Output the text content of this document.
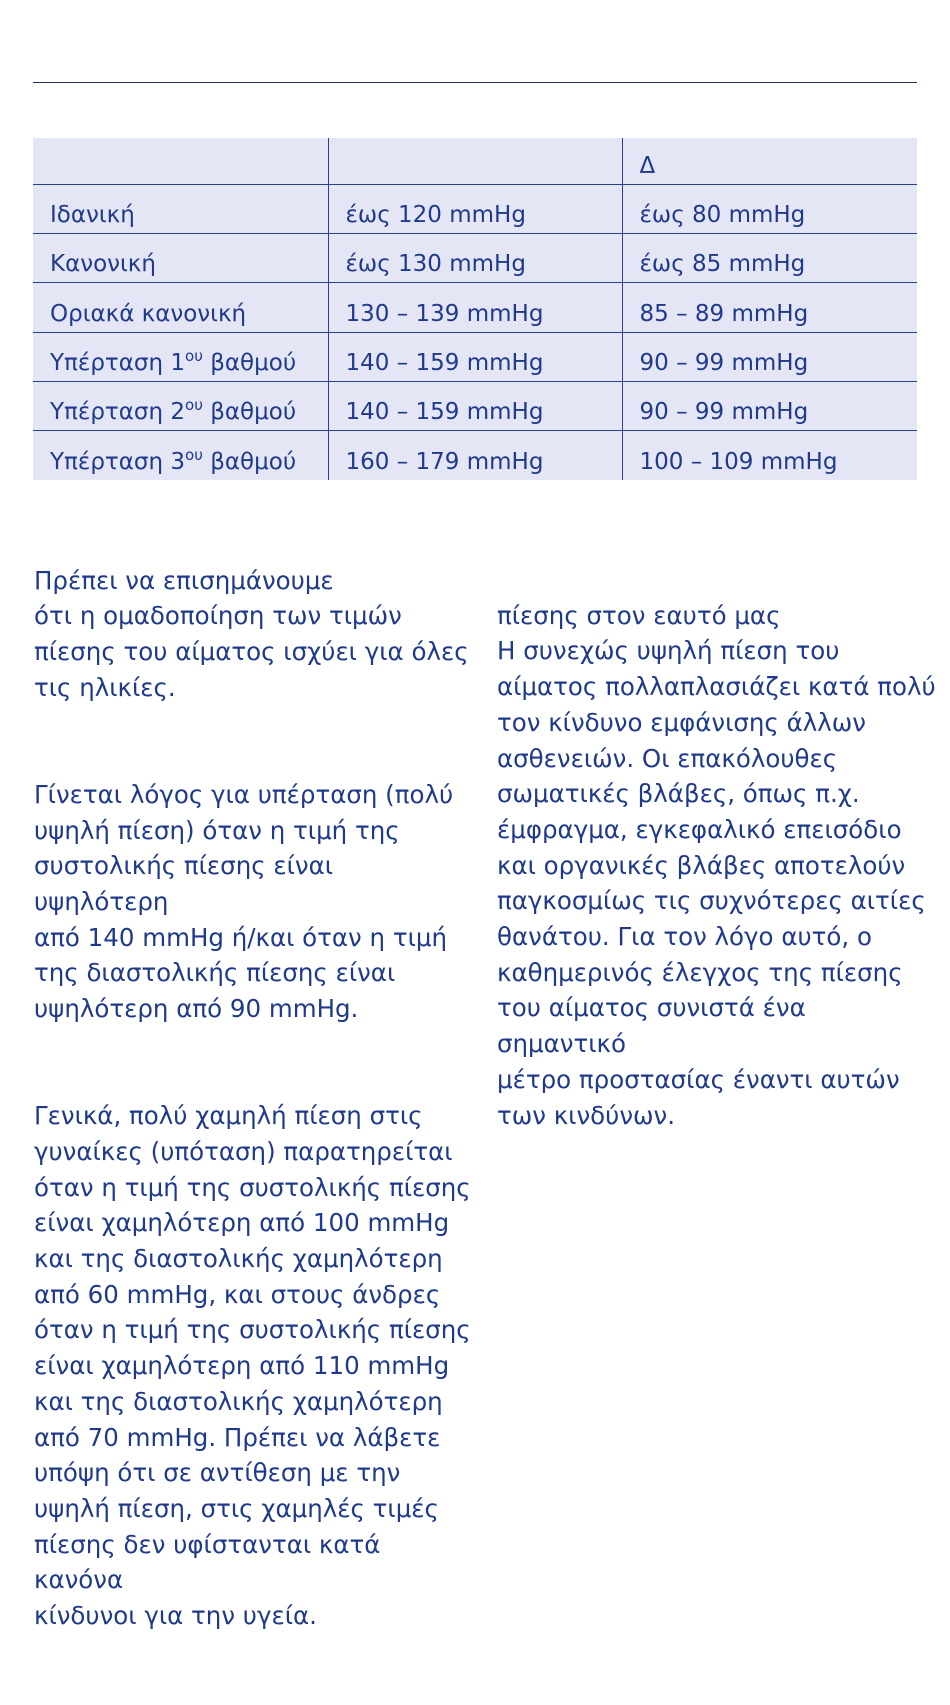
		Δ
Ιδανική	έως 120 mmHg	έως 80 mmHg
Κανονική	έως 130 mmHg	έως 85 mmHg
Οριακά κανονική	130 – 139 mmHg	85 – 89 mmHg
Υπέρταση $1^{o\upsilon}$ βαθμού	140 – 159 mmHg	90 – 99 mmHg
Υπέρταση $2^{o\upsilon}$ βαθμού	140 – 159 mmHg	90 – 99 mmHg
Υπέρταση $3^{o\upsilon}$ βαθμού	160 – 179 mmHg	100 – 109 mmHg

Πρέπει να επισημάνουμε
ότι η ομαδοποίηση των τιμών
πίεσης του αίματος ισχύει για όλες
τις ηλικίες.

Γίνεται λόγος για υπέρταση (πολύ
υψηλή πίεση) όταν η τιμή της
συστολικής πίεσης είναι υψηλότερη
από 140 mmHg ή/και όταν η τιμή
της διαστολικής πίεσης είναι
υψηλότερη από 90 mmHg.

Γενικά, πολύ χαμηλή πίεση στις
γυναίκες (υπόταση) παρατηρείται
όταν η τιμή της συστολικής πίεσης
είναι χαμηλότερη από 100 mmHg
και της διαστολικής χαμηλότερη
από 60 mmHg, και στους άνδρες
όταν η τιμή της συστολικής πίεσης
είναι χαμηλότερη από 110 mmHg
και της διαστολικής χαμηλότερη
από 70 mmHg. Πρέπει να λάβετε
υπόψη ότι σε αντίθεση με την
υψηλή πίεση, στις χαμηλές τιμές
πίεσης δεν υφίστανται κατά κανόνα
κίνδυνοι για την υγεία.

πίεσης στον εαυτό μας
Η συνεχώς υψηλή πίεση του
αίματος πολλαπλασιάζει κατά πολύ
τον κίνδυνο εμφάνισης άλλων
ασθενειών. Οι επακόλουθες
σωματικές βλάβες, όπως π.χ.
έμφραγμα, εγκεφαλικό επεισόδιο
και οργανικές βλάβες αποτελούν
παγκοσμίως τις συχνότερες αιτίες
θανάτου. Για τον λόγο αυτό, ο
καθημερινός έλεγχος της πίεσης
του αίματος συνιστά ένα σημαντικό
μέτρο προστασίας έναντι αυτών
των κινδύνων.
